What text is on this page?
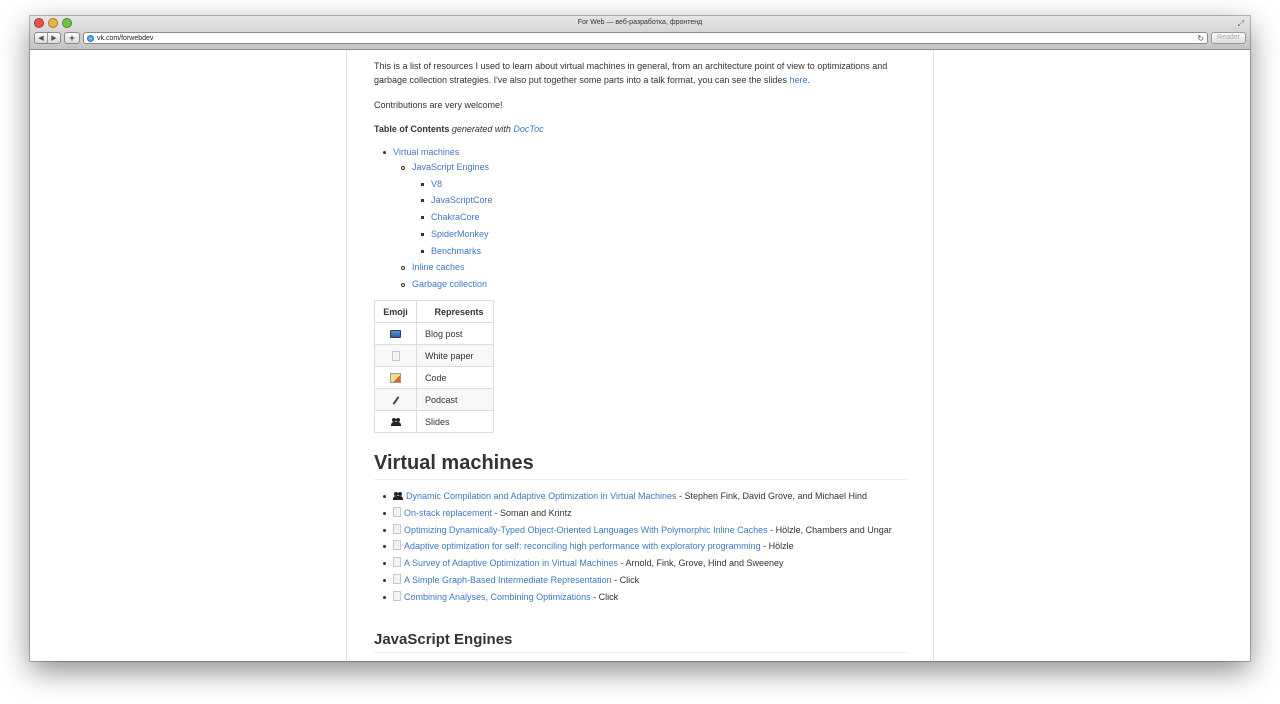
For Web — веб-разработка, фронтенд	⤢
◀	▶	+	vk.com/forwebdev	↻	Reader

This is a list of resources I used to learn about virtual machines in general, from an architecture point of view to optimizations and garbage collection strategies. I've also put together some parts into a talk format, you can see the slides here.

Contributions are very welcome!

Table of Contents generated with DocToc

Virtual machines
JavaScript Engines
V8
JavaScriptCore
ChakraCore
SpiderMonkey
Benchmarks
Inline caches
Garbage collection
Emoji	Represents
	Blog post
	White paper
	Code
	Podcast
	Slides
Virtual machines
Dynamic Compilation and Adaptive Optimization in Virtual Machines - Stephen Fink, David Grove, and Michael Hind
On-stack replacement - Soman and Krintz
Optimizing Dynamically-Typed Object-Oriented Languages With Polymorphic Inline Caches - Hölzle, Chambers and Ungar
Adaptive optimization for self: reconciling high performance with exploratory programming - Hölzle
A Survey of Adaptive Optimization in Virtual Machines - Arnold, Fink, Grove, Hind and Sweeney
A Simple Graph-Based Intermediate Representation - Click
Combining Analyses, Combining Optimizations - Click
JavaScript Engines
